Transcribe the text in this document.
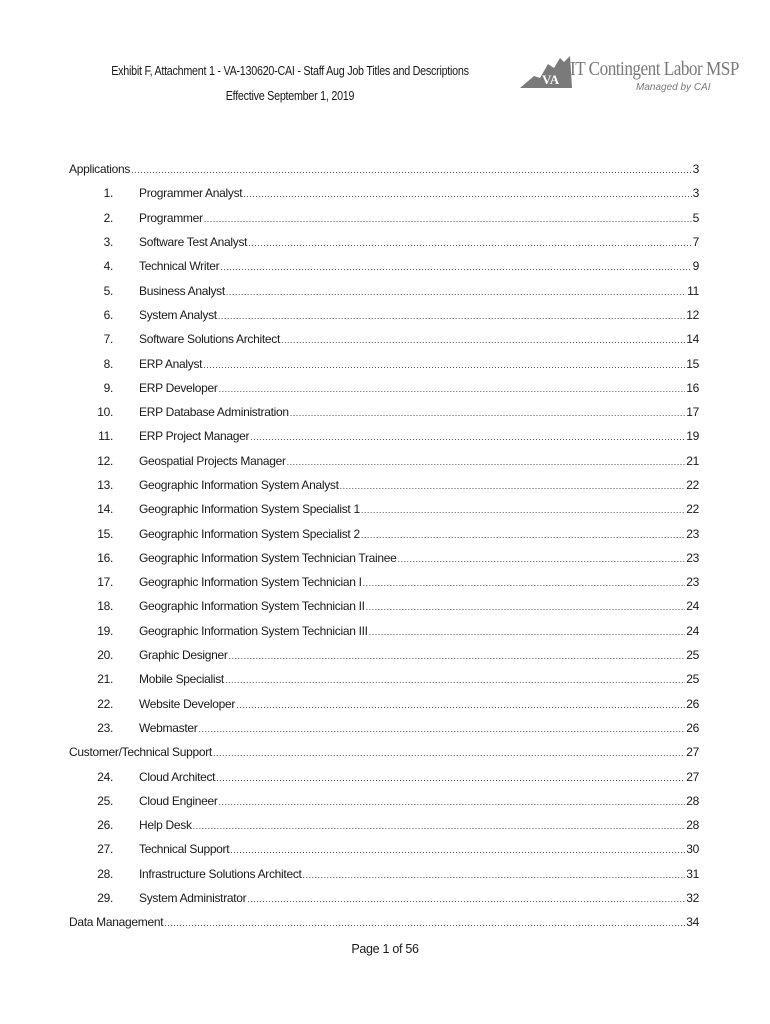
Exhibit F, Attachment 1 - VA-130620-CAI - Staff Aug Job Titles and Descriptions
Effective September 1, 2019
VA IT Contingent Labor MSP
Managed by CAI
Applications .....	3
1. Programmer Analyst .....	3
2. Programmer .....	5
3. Software Test Analyst .....	7
4. Technical Writer .....	9
5. Business Analyst .....	11
6. System Analyst .....	12
7. Software Solutions Architect .....	14
8. ERP Analyst .....	15
9. ERP Developer .....	16
10. ERP Database Administration .....	17
11. ERP Project Manager .....	19
12. Geospatial Projects Manager .....	21
13. Geographic Information System Analyst .....	22
14. Geographic Information System Specialist 1 .....	22
15. Geographic Information System Specialist 2 .....	23
16. Geographic Information System Technician Trainee .....	23
17. Geographic Information System Technician I .....	23
18. Geographic Information System Technician II .....	24
19. Geographic Information System Technician III .....	24
20. Graphic Designer .....	25
21. Mobile Specialist .....	25
22. Website Developer .....	26
23. Webmaster .....	26
Customer/Technical Support .....	27
24. Cloud Architect .....	27
25. Cloud Engineer .....	28
26. Help Desk .....	28
27. Technical Support .....	30
28. Infrastructure Solutions Architect .....	31
29. System Administrator .....	32
Data Management .....	34
Page 1 of 56
